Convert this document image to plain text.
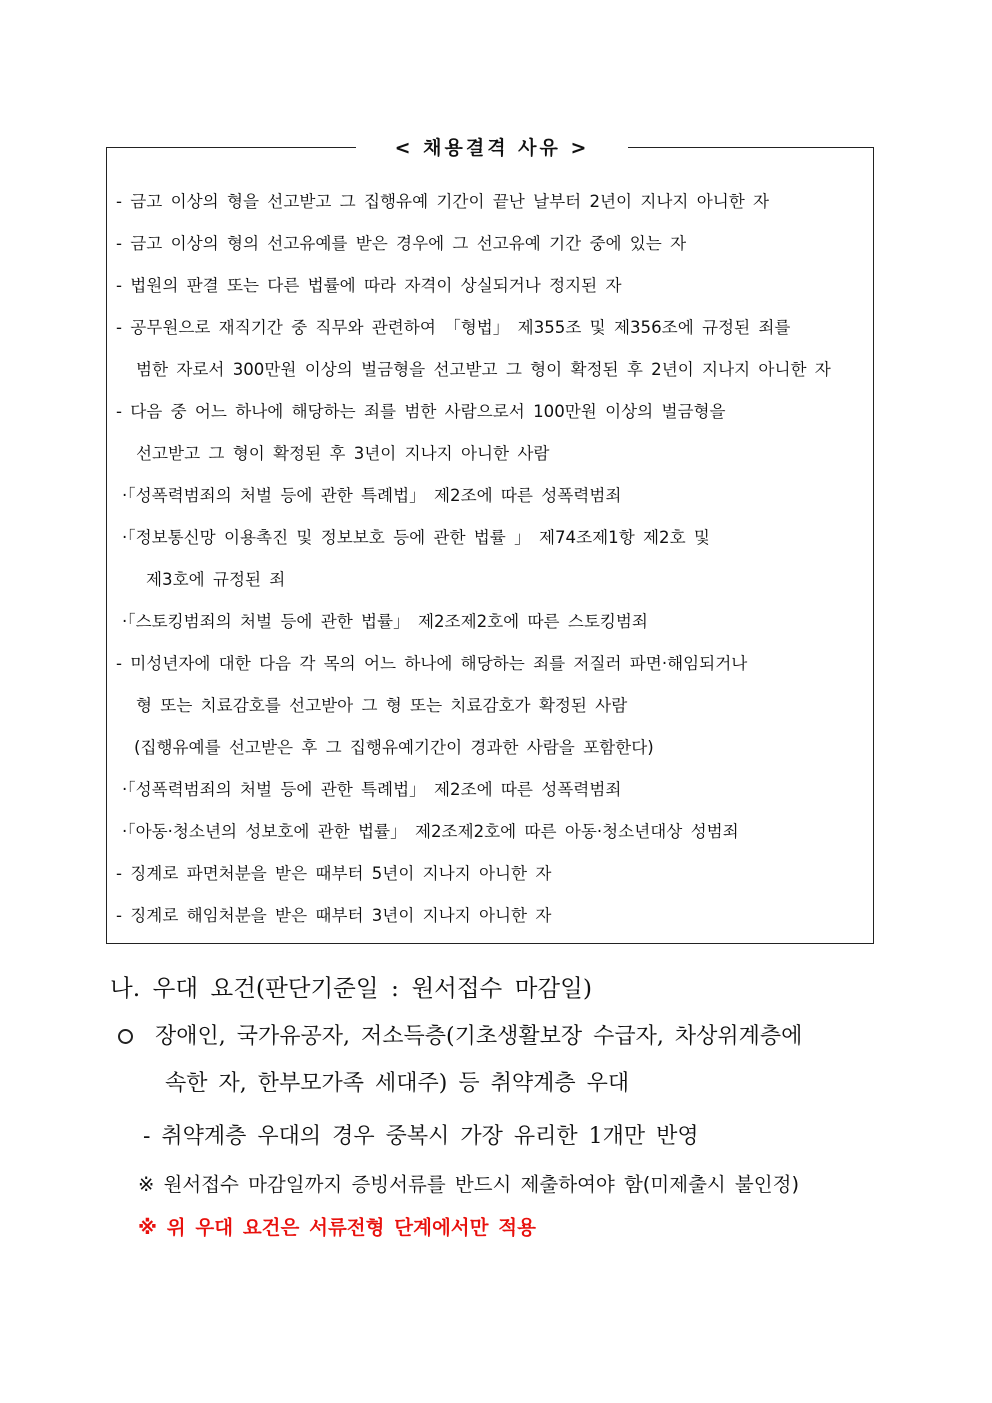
< 채용결격 사유 >
- 금고 이상의 형을 선고받고 그 집행유예 기간이 끝난 날부터 2년이 지나지 아니한 자
- 금고 이상의 형의 선고유예를 받은 경우에 그 선고유예 기간 중에 있는 자
- 법원의 판결 또는 다른 법률에 따라 자격이 상실되거나 정지된 자
- 공무원으로 재직기간 중 직무와 관련하여 「형법」 제355조 및 제356조에 규정된 죄를
범한 자로서 300만원 이상의 벌금형을 선고받고 그 형이 확정된 후 2년이 지나지 아니한 자
- 다음 중 어느 하나에 해당하는 죄를 범한 사람으로서 100만원 이상의 벌금형을
선고받고 그 형이 확정된 후 3년이 지나지 아니한 사람
·「성폭력범죄의 처벌 등에 관한 특례법」 제2조에 따른 성폭력범죄
·「정보통신망 이용촉진 및 정보보호 등에 관한 법률 」 제74조제1항 제2호 및
제3호에 규정된 죄
·「스토킹범죄의 처벌 등에 관한 법률」 제2조제2호에 따른 스토킹범죄
- 미성년자에 대한 다음 각 목의 어느 하나에 해당하는 죄를 저질러 파면·해임되거나
형 또는 치료감호를 선고받아 그 형 또는 치료감호가 확정된 사람
(집행유예를 선고받은 후 그 집행유예기간이 경과한 사람을 포함한다)
·「성폭력범죄의 처벌 등에 관한 특례법」 제2조에 따른 성폭력범죄
·「아동·청소년의 성보호에 관한 법률」 제2조제2호에 따른 아동·청소년대상 성범죄
- 징계로 파면처분을 받은 때부터 5년이 지나지 아니한 자
- 징계로 해임처분을 받은 때부터 3년이 지나지 아니한 자
나. 우대 요건(판단기준일 : 원서접수 마감일)
장애인, 국가유공자, 저소득층(기초생활보장 수급자, 차상위계층에
속한 자, 한부모가족 세대주) 등 취약계층 우대
- 취약계층 우대의 경우 중복시 가장 유리한 1개만 반영
※ 원서접수 마감일까지 증빙서류를 반드시 제출하여야 함(미제출시 불인정)
※ 위 우대 요건은 서류전형 단계에서만 적용
